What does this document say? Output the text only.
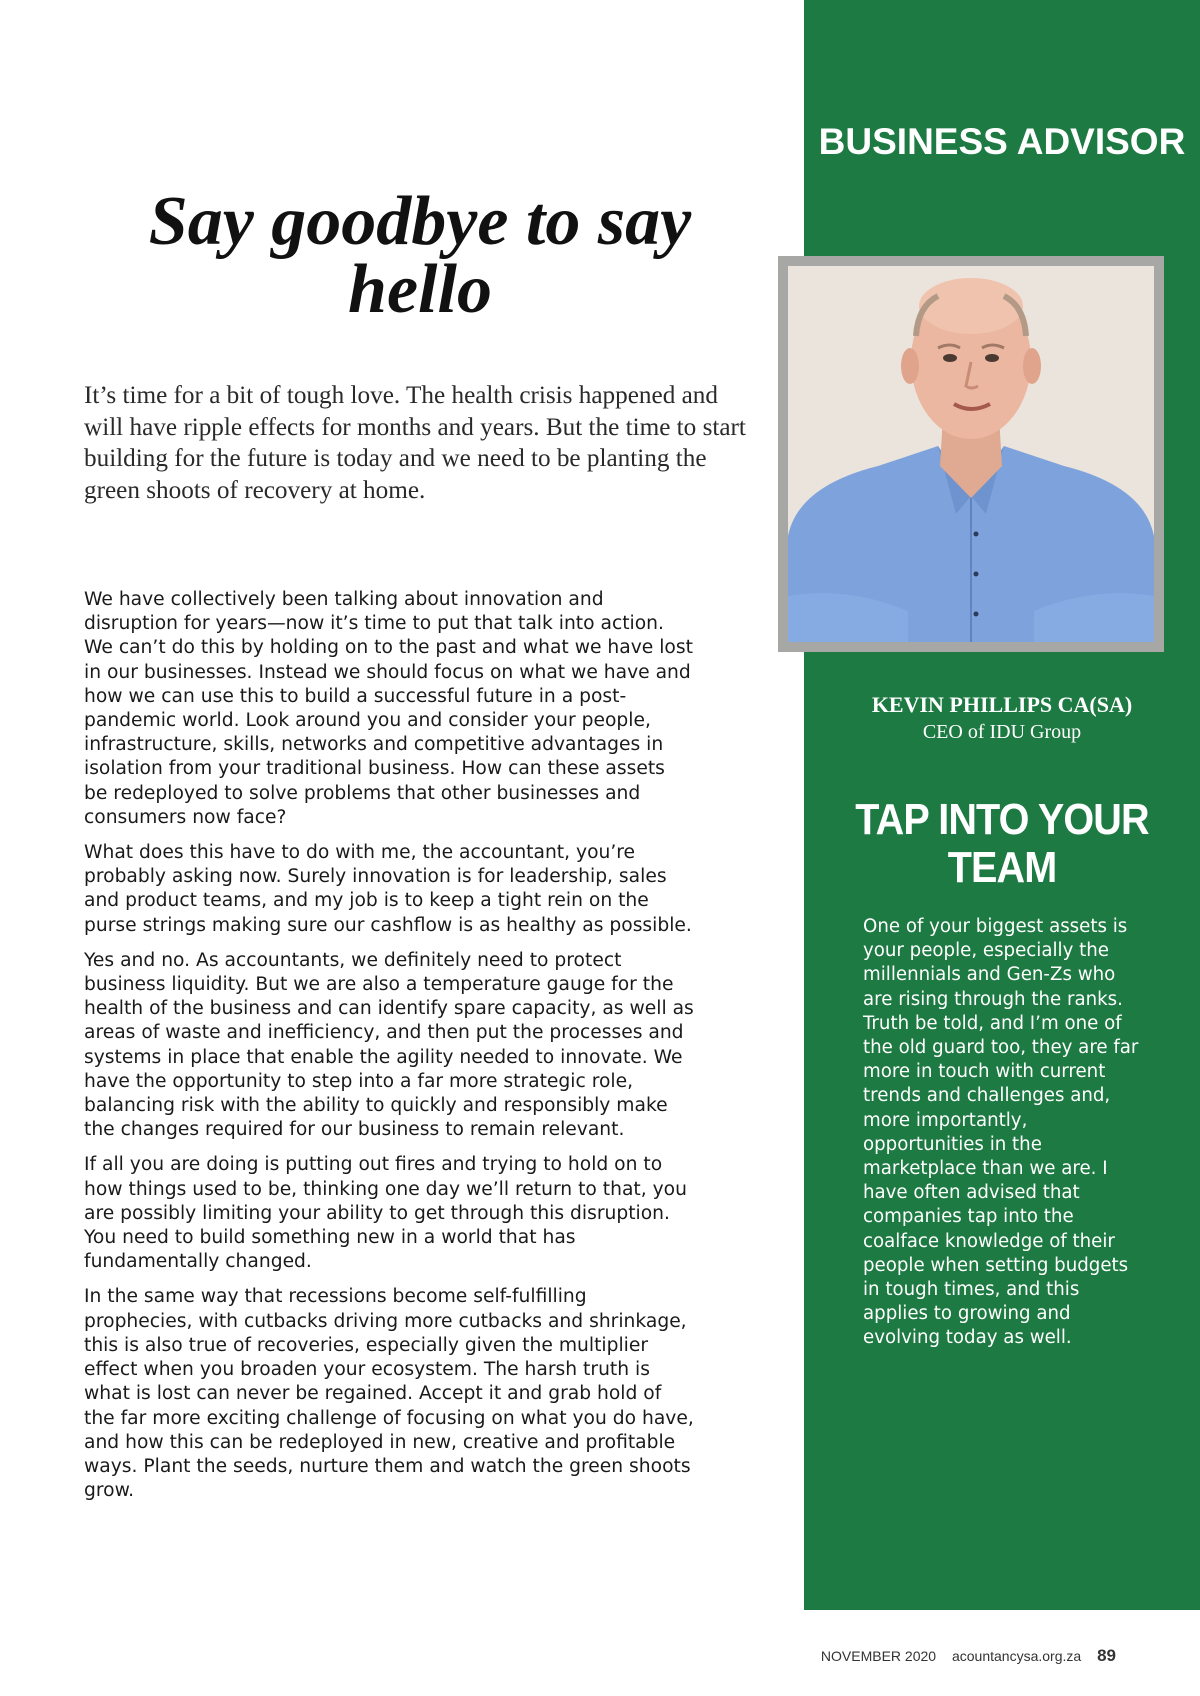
BUSINESS ADVISOR
KEVIN PHILLIPS CA(SA)
CEO of IDU Group
TAP INTO YOUR TEAM
One of your biggest assets is your people, especially the millennials and Gen-Zs who are rising through the ranks. Truth be told, and I’m one of the old guard too, they are far more in touch with current trends and challenges and, more importantly, opportunities in the marketplace than we are. I have often advised that companies tap into the coalface knowledge of their people when setting budgets in tough times, and this applies to growing and evolving today as well.
Say goodbye to say hello

It’s time for a bit of tough love. The health crisis happened and will have ripple effects for months and years. But the time to start building for the future is today and we need to be planting the green shoots of recovery at home.

We have collectively been talking about innovation and disruption for years—now it’s time to put that talk into action. We can’t do this by holding on to the past and what we have lost in our businesses. Instead we should focus on what we have and how we can use this to build a successful future in a post-pandemic world. Look around you and consider your people, infrastructure, skills, networks and competitive advantages in isolation from your traditional business. How can these assets be redeployed to solve problems that other businesses and consumers now face?

What does this have to do with me, the accountant, you’re probably asking now. Surely innovation is for leadership, sales and product teams, and my job is to keep a tight rein on the purse strings making sure our cashflow is as healthy as possible.

Yes and no. As accountants, we definitely need to protect business liquidity. But we are also a temperature gauge for the health of the business and can identify spare capacity, as well as areas of waste and inefficiency, and then put the processes and systems in place that enable the agility needed to innovate. We have the opportunity to step into a far more strategic role, balancing risk with the ability to quickly and responsibly make the changes required for our business to remain relevant.

If all you are doing is putting out fires and trying to hold on to how things used to be, thinking one day we’ll return to that, you are possibly limiting your ability to get through this disruption. You need to build something new in a world that has fundamentally changed.

In the same way that recessions become self-fulfilling prophecies, with cutbacks driving more cutbacks and shrinkage, this is also true of recoveries, especially given the multiplier effect when you broaden your ecosystem. The harsh truth is what is lost can never be regained. Accept it and grab hold of the far more exciting challenge of focusing on what you do have, and how this can be redeployed in new, creative and profitable ways. Plant the seeds, nurture them and watch the green shoots grow.

NOVEMBER 2020 acountancysa.org.za 89
